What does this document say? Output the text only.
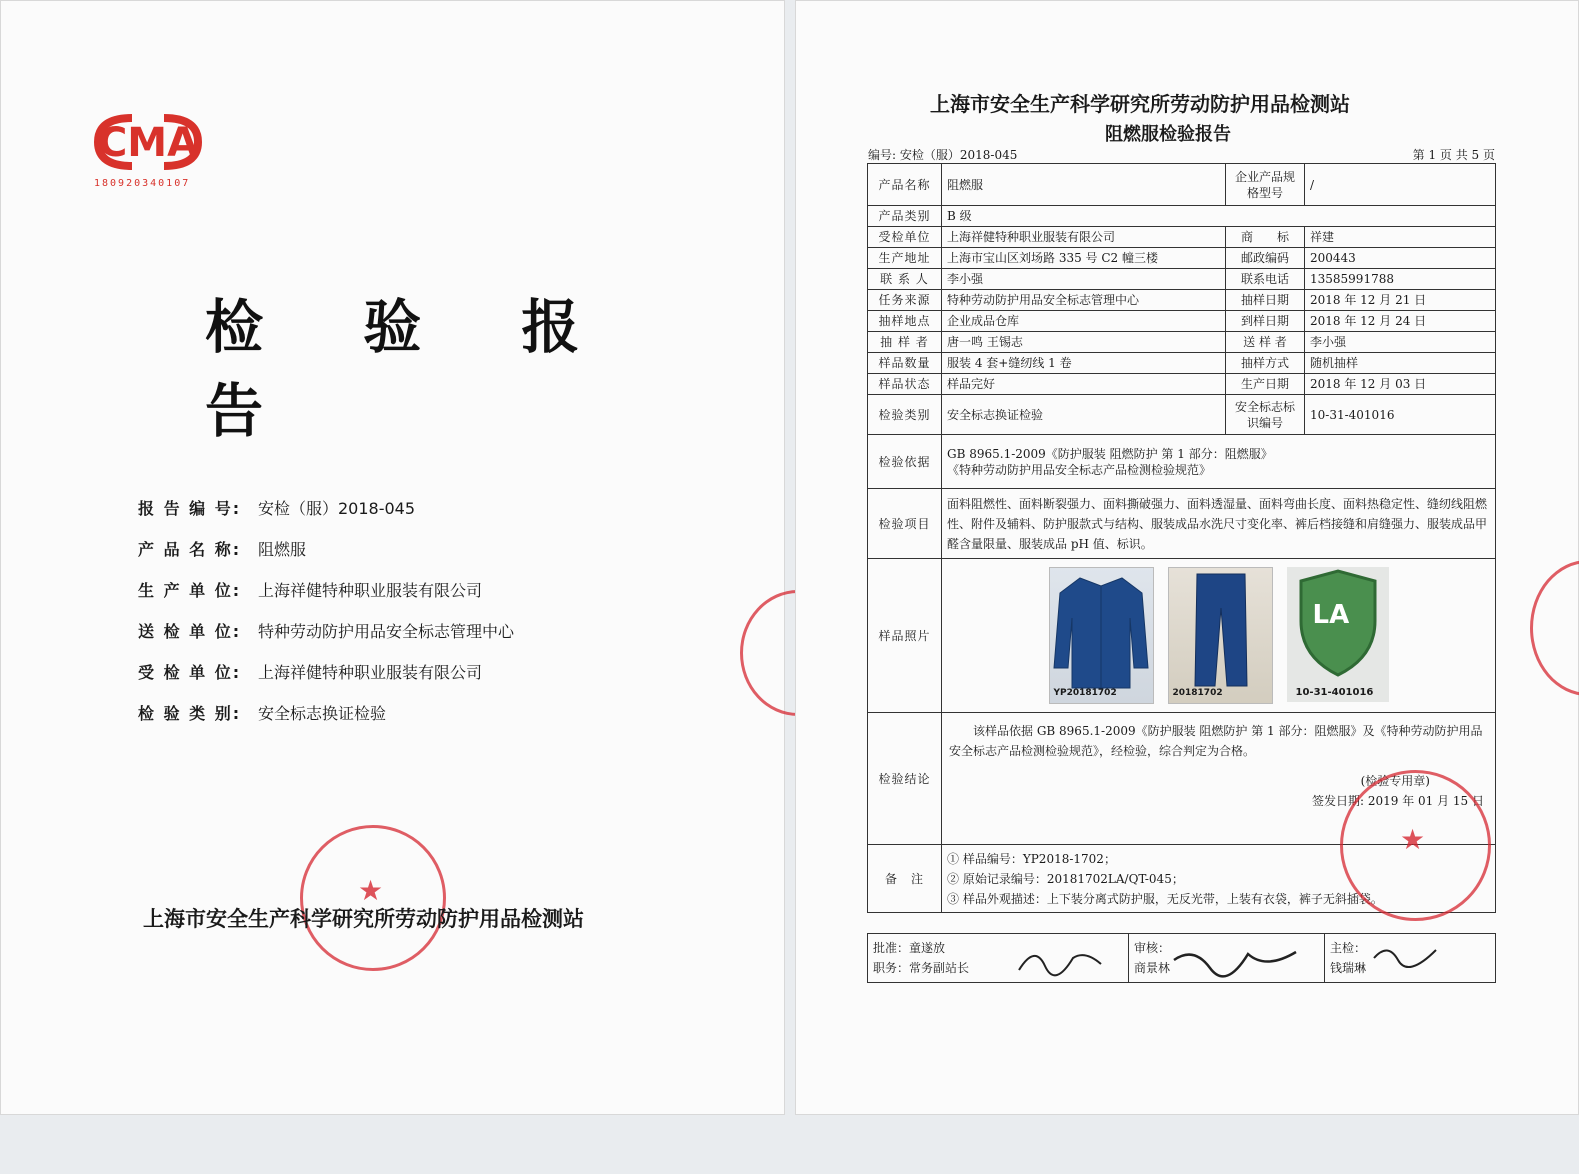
CMA
180920340107
检 验 报 告
报 告 编 号:	安检（服）2018-045
产 品 名 称:	阻燃服
生 产 单 位:	上海祥健特种职业服装有限公司
送 检 单 位:	特种劳动防护用品安全标志管理中心
受 检 单 位:	上海祥健特种职业服装有限公司
检 验 类 别:	安全标志换证检验
★
上海市安全生产科学研究所劳动防护用品检测站
上海市安全生产科学研究所劳动防护用品检测站
阻燃服检验报告
编号: 安检（服）2018-045	第 1 页 共 5 页
产品名称	阻燃服	企业产品规格型号	/
产品类别	B 级		
受检单位	上海祥健特种职业服装有限公司	商　　标	祥建
生产地址	上海市宝山区刘场路 335 号 C2 幢三楼	邮政编码	200443
联 系 人	李小强	联系电话	13585991788
任务来源	特种劳动防护用品安全标志管理中心	抽样日期	2018 年 12 月 21 日
抽样地点	企业成品仓库	到样日期	2018 年 12 月 24 日
抽 样 者	唐一鸣 王锡志	送 样 者	李小强
样品数量	服装 4 套+缝纫线 1 卷	抽样方式	随机抽样
样品状态	样品完好	生产日期	2018 年 12 月 03 日
检验类别	安全标志换证检验	安全标志标识编号	10-31-401016
检验依据	GB 8965.1-2009《防护服装 阻燃防护 第 1 部分：阻燃服》
《特种劳动防护用品安全标志产品检测检验规范》		

检验项目	面料阻燃性、面料断裂强力、面料撕破强力、面料透湿量、面料弯曲长度、面料热稳定性、缝纫线阻燃性、附件及辅料、防护服款式与结构、服装成品水洗尺寸变化率、裤后档接缝和肩缝强力、服装成品甲醛含量限量、服装成品 pH 值、标识。		
样品照片	YP20181702 20181702
LA
10-31-401016		

检验结论	该样品依据 GB 8965.1-2009《防护服装 阻燃防护 第 1 部分：阻燃服》及《特种劳动防护用品安全标志产品检测检验规范》，经检验，综合判定为合格。
(检验专用章)
签发日期: 2019 年 01 月 15 日		

备　注	① 样品编号：YP2018-1702；
② 原始记录编号：20181702LA/QT-045；
③ 样品外观描述：上下装分离式防护服，无反光带，上装有衣袋，裤子无斜插袋。		
批准：童遂放
职务：常务副站长

审核：
商景林

主检：
钱瑞琳
★
